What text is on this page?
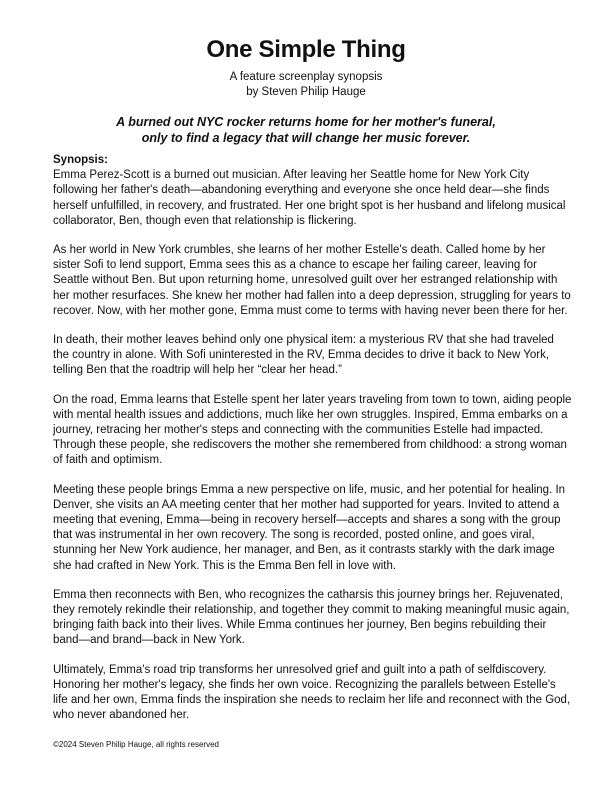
One Simple Thing
A feature screenplay synopsis
by Steven Philip Hauge
A burned out NYC rocker returns home for her mother's funeral,
only to find a legacy that will change her music forever.

Synopsis:
Emma Perez-Scott is a burned out musician. After leaving her Seattle home for New York City following her father's death—abandoning everything and everyone she once held dear—she finds herself unfulfilled, in recovery, and frustrated. Her one bright spot is her husband and lifelong musical collaborator, Ben, though even that relationship is flickering.

As her world in New York crumbles, she learns of her mother Estelle's death. Called home by her sister Sofi to lend support, Emma sees this as a chance to escape her failing career, leaving for Seattle without Ben. But upon returning home, unresolved guilt over her estranged relationship with her mother resurfaces. She knew her mother had fallen into a deep depression, struggling for years to recover. Now, with her mother gone, Emma must come to terms with having never been there for her.

In death, their mother leaves behind only one physical item: a mysterious RV that she had traveled the country in alone. With Sofi uninterested in the RV, Emma decides to drive it back to New York, telling Ben that the roadtrip will help her “clear her head.”

On the road, Emma learns that Estelle spent her later years traveling from town to town, aiding people with mental health issues and addictions, much like her own struggles. Inspired, Emma embarks on a journey, retracing her mother's steps and connecting with the communities Estelle had impacted. Through these people, she rediscovers the mother she remembered from childhood: a strong woman of faith and optimism.

Meeting these people brings Emma a new perspective on life, music, and her potential for healing. In Denver, she visits an AA meeting center that her mother had supported for years. Invited to attend a meeting that evening, Emma—being in recovery herself—accepts and shares a song with the group that was instrumental in her own recovery. The song is recorded, posted online, and goes viral, stunning her New York audience, her manager, and Ben, as it contrasts starkly with the dark image she had crafted in New York. This is the Emma Ben fell in love with.

Emma then reconnects with Ben, who recognizes the catharsis this journey brings her. Rejuvenated, they remotely rekindle their relationship, and together they commit to making meaningful music again, bringing faith back into their lives. While Emma continues her journey, Ben begins rebuilding their band—and brand—back in New York.

Ultimately, Emma's road trip transforms her unresolved grief and guilt into a path of selfdiscovery. Honoring her mother's legacy, she finds her own voice. Recognizing the parallels between Estelle's life and her own, Emma finds the inspiration she needs to reclaim her life and reconnect with the God, who never abandoned her.

©2024 Steven Philip Hauge, all rights reserved
